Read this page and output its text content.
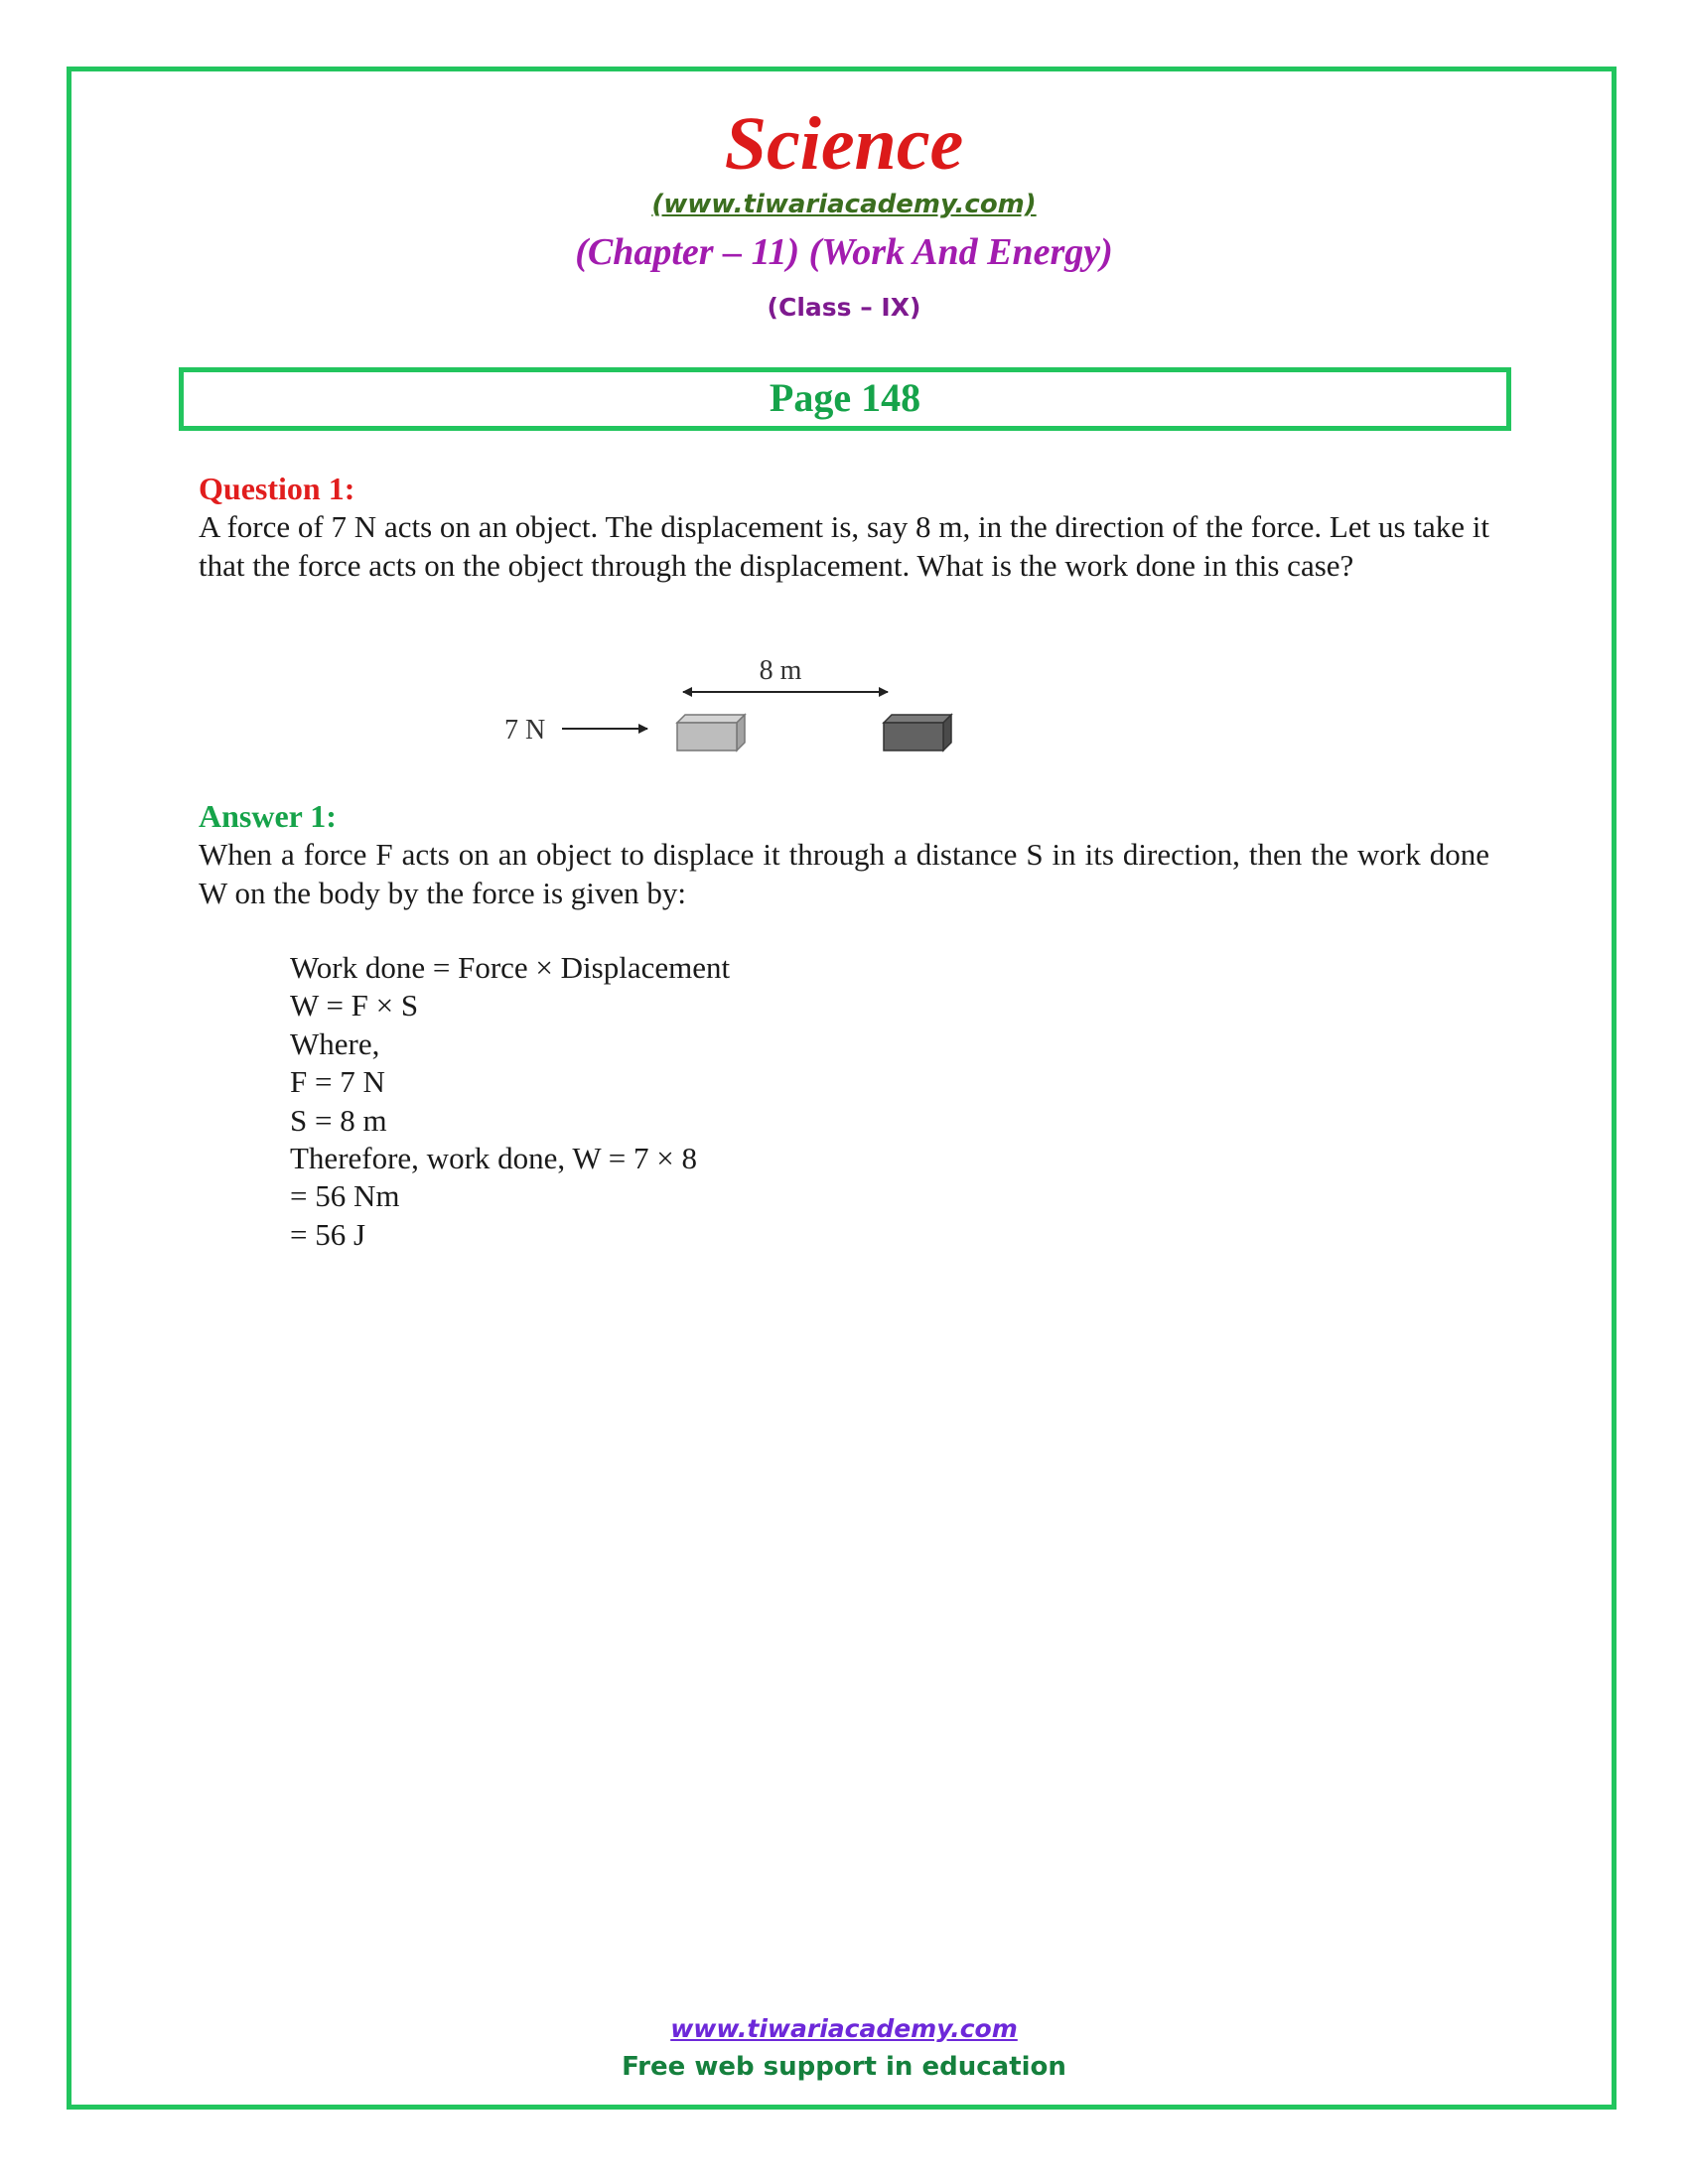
Science
(www.tiwariacademy.com)
(Chapter – 11) (Work And Energy)
(Class – IX)
Page 148
Question 1:
A force of 7 N acts on an object. The displacement is, say 8 m, in the direction of the force. Let us take it that the force acts on the object through the displacement. What is the work done in this case?
8 m
7 N
Answer 1:
When a force F acts on an object to displace it through a distance S in its direction, then the work done W on the body by the force is given by:
Work done = Force × Displacement
W = F × S
Where,
F = 7 N
S = 8 m
Therefore, work done, W = 7 × 8
= 56 Nm
= 56 J
www.tiwariacademy.com
Free web support in education
